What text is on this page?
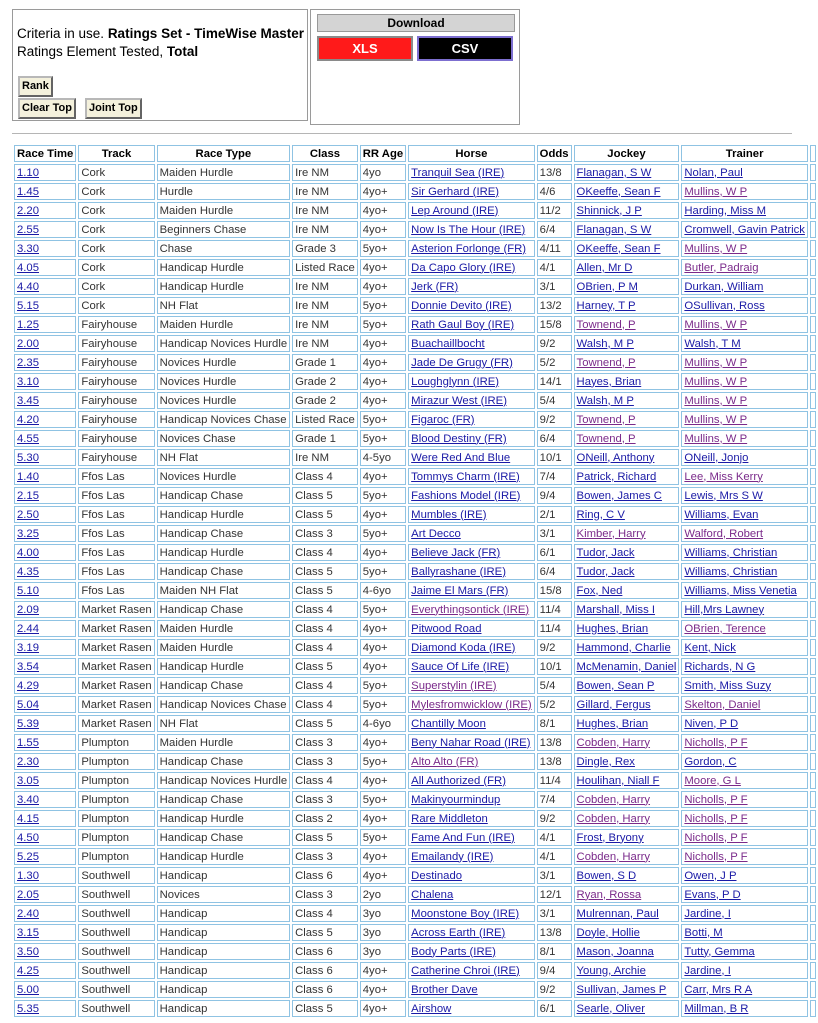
Criteria in use. Ratings Set - TimeWise Master
Ratings Element Tested, Total
Rank
Clear Top	Joint Top
Download
XLS	CSV
Race Time	Track	Race Type	Class	RR Age	Horse	Odds	Jockey	Trainer	
1.10	Cork	Maiden Hurdle	Ire NM	4yo	Tranquil Sea (IRE)	13/8	Flanagan, S W	Nolan, Paul	
1.45	Cork	Hurdle	Ire NM	4yo+	Sir Gerhard (IRE)	4/6	OKeeffe, Sean F	Mullins, W P	
2.20	Cork	Maiden Hurdle	Ire NM	4yo+	Lep Around (IRE)	11/2	Shinnick, J P	Harding, Miss M	
2.55	Cork	Beginners Chase	Ire NM	4yo+	Now Is The Hour (IRE)	6/4	Flanagan, S W	Cromwell, Gavin Patrick	
3.30	Cork	Chase	Grade 3	5yo+	Asterion Forlonge (FR)	4/11	OKeeffe, Sean F	Mullins, W P	
4.05	Cork	Handicap Hurdle	Listed Race	4yo+	Da Capo Glory (IRE)	4/1	Allen, Mr D	Butler, Padraig	
4.40	Cork	Handicap Hurdle	Ire NM	4yo+	Jerk (FR)	3/1	OBrien, P M	Durkan, William	
5.15	Cork	NH Flat	Ire NM	5yo+	Donnie Devito (IRE)	13/2	Harney, T P	OSullivan, Ross	
1.25	Fairyhouse	Maiden Hurdle	Ire NM	5yo+	Rath Gaul Boy (IRE)	15/8	Townend, P	Mullins, W P	
2.00	Fairyhouse	Handicap Novices Hurdle	Ire NM	4yo+	Buachaillbocht	9/2	Walsh, M P	Walsh, T M	
2.35	Fairyhouse	Novices Hurdle	Grade 1	4yo+	Jade De Grugy (FR)	5/2	Townend, P	Mullins, W P	
3.10	Fairyhouse	Novices Hurdle	Grade 2	4yo+	Loughglynn (IRE)	14/1	Hayes, Brian	Mullins, W P	
3.45	Fairyhouse	Novices Hurdle	Grade 2	4yo+	Mirazur West (IRE)	5/4	Walsh, M P	Mullins, W P	
4.20	Fairyhouse	Handicap Novices Chase	Listed Race	5yo+	Figaroc (FR)	9/2	Townend, P	Mullins, W P	
4.55	Fairyhouse	Novices Chase	Grade 1	5yo+	Blood Destiny (FR)	6/4	Townend, P	Mullins, W P	
5.30	Fairyhouse	NH Flat	Ire NM	4-5yo	Were Red And Blue	10/1	ONeill, Anthony	ONeill, Jonjo	
1.40	Ffos Las	Novices Hurdle	Class 4	4yo+	Tommys Charm (IRE)	7/4	Patrick, Richard	Lee, Miss Kerry	
2.15	Ffos Las	Handicap Chase	Class 5	5yo+	Fashions Model (IRE)	9/4	Bowen, James C	Lewis, Mrs S W	
2.50	Ffos Las	Handicap Hurdle	Class 5	4yo+	Mumbles (IRE)	2/1	Ring, C V	Williams, Evan	
3.25	Ffos Las	Handicap Chase	Class 3	5yo+	Art Decco	3/1	Kimber, Harry	Walford, Robert	
4.00	Ffos Las	Handicap Hurdle	Class 4	4yo+	Believe Jack (FR)	6/1	Tudor, Jack	Williams, Christian	
4.35	Ffos Las	Handicap Chase	Class 5	5yo+	Ballyrashane (IRE)	6/4	Tudor, Jack	Williams, Christian	
5.10	Ffos Las	Maiden NH Flat	Class 5	4-6yo	Jaime El Mars (FR)	15/8	Fox, Ned	Williams, Miss Venetia	
2.09	Market Rasen	Handicap Chase	Class 4	5yo+	Everythingsontick (IRE)	11/4	Marshall, Miss I	Hill,Mrs Lawney	
2.44	Market Rasen	Maiden Hurdle	Class 4	4yo+	Pitwood Road	11/4	Hughes, Brian	OBrien, Terence	
3.19	Market Rasen	Maiden Hurdle	Class 4	4yo+	Diamond Koda (IRE)	9/2	Hammond, Charlie	Kent, Nick	
3.54	Market Rasen	Handicap Hurdle	Class 5	4yo+	Sauce Of Life (IRE)	10/1	McMenamin, Daniel	Richards, N G	
4.29	Market Rasen	Handicap Chase	Class 4	5yo+	Superstylin (IRE)	5/4	Bowen, Sean P	Smith, Miss Suzy	
5.04	Market Rasen	Handicap Novices Chase	Class 4	5yo+	Mylesfromwicklow (IRE)	5/2	Gillard, Fergus	Skelton, Daniel	
5.39	Market Rasen	NH Flat	Class 5	4-6yo	Chantilly Moon	8/1	Hughes, Brian	Niven, P D	
1.55	Plumpton	Maiden Hurdle	Class 3	4yo+	Beny Nahar Road (IRE)	13/8	Cobden, Harry	Nicholls, P F	
2.30	Plumpton	Handicap Chase	Class 3	5yo+	Alto Alto (FR)	13/8	Dingle, Rex	Gordon, C	
3.05	Plumpton	Handicap Novices Hurdle	Class 4	4yo+	All Authorized (FR)	11/4	Houlihan, Niall F	Moore, G L	
3.40	Plumpton	Handicap Chase	Class 3	5yo+	Makinyourmindup	7/4	Cobden, Harry	Nicholls, P F	
4.15	Plumpton	Handicap Hurdle	Class 2	4yo+	Rare Middleton	9/2	Cobden, Harry	Nicholls, P F	
4.50	Plumpton	Handicap Chase	Class 5	5yo+	Fame And Fun (IRE)	4/1	Frost, Bryony	Nicholls, P F	
5.25	Plumpton	Handicap Hurdle	Class 3	4yo+	Emailandy (IRE)	4/1	Cobden, Harry	Nicholls, P F	
1.30	Southwell	Handicap	Class 6	4yo+	Destinado	3/1	Bowen, S D	Owen, J P	
2.05	Southwell	Novices	Class 3	2yo	Chalena	12/1	Ryan, Rossa	Evans, P D	
2.40	Southwell	Handicap	Class 4	3yo	Moonstone Boy (IRE)	3/1	Mulrennan, Paul	Jardine, I	
3.15	Southwell	Handicap	Class 5	3yo	Across Earth (IRE)	13/8	Doyle, Hollie	Botti, M	
3.50	Southwell	Handicap	Class 6	3yo	Body Parts (IRE)	8/1	Mason, Joanna	Tutty, Gemma	
4.25	Southwell	Handicap	Class 6	4yo+	Catherine Chroi (IRE)	9/4	Young, Archie	Jardine, I	
5.00	Southwell	Handicap	Class 6	4yo+	Brother Dave	9/2	Sullivan, James P	Carr, Mrs R A	
5.35	Southwell	Handicap	Class 5	4yo+	Airshow	6/1	Searle, Oliver	Millman, B R	
